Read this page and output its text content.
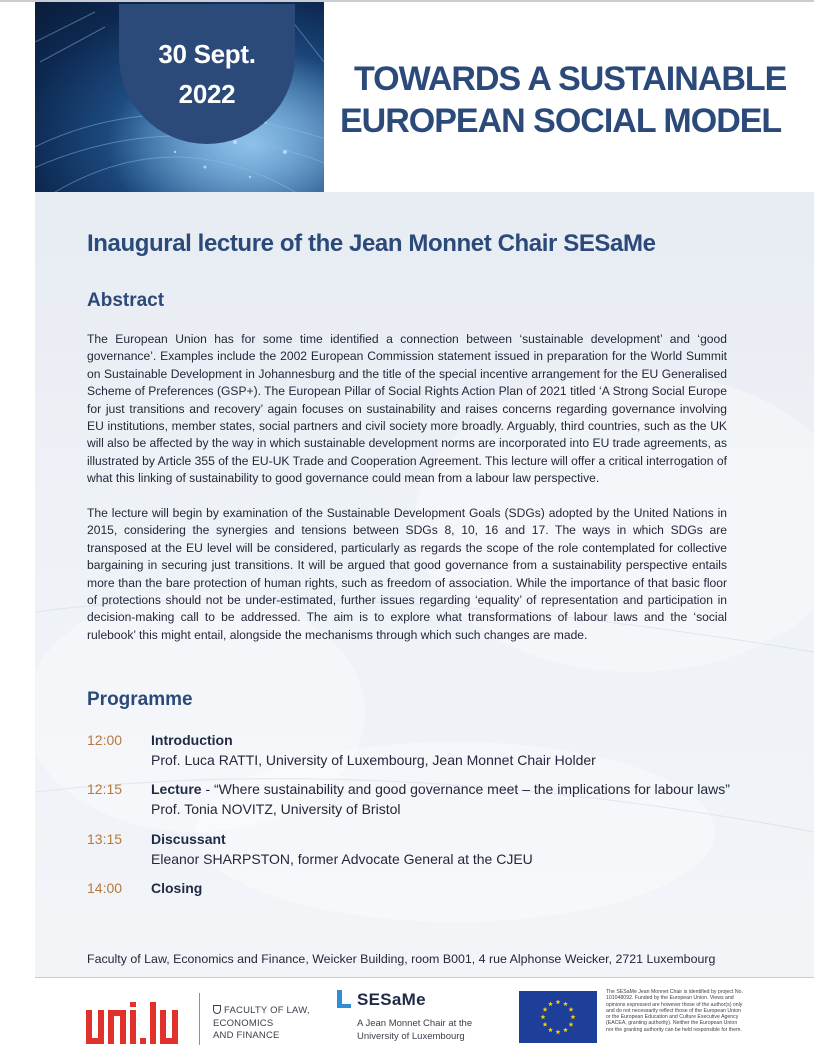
30 Sept.
2022	TOWARDS A SUSTAINABLE
EUROPEAN SOCIAL MODEL
Inaugural lecture of the Jean Monnet Chair SESaMe
Abstract

The European Union has for some time identified a connection between ‘sustainable development’ and ‘good governance’. Examples include the 2002 European Commission statement issued in preparation for the World Summit on Sustainable Development in Johannesburg and the title of the special incentive arrangement for the EU Generalised Scheme of Preferences (GSP+). The European Pillar of Social Rights Action Plan of 2021 titled ‘A Strong Social Europe for just transitions and recovery’ again focuses on sustainability and raises concerns regarding governance involving EU institutions, member states, social partners and civil society more broadly. Arguably, third countries, such as the UK will also be affected by the way in which sustainable development norms are incorporated into EU trade agreements, as illustrated by Article 355 of the EU-UK Trade and Cooperation Agreement. This lecture will offer a critical interrogation of what this linking of sustainability to good governance could mean from a labour law perspective.

The lecture will begin by examination of the Sustainable Development Goals (SDGs) adopted by the United Nations in 2015, considering the synergies and tensions between SDGs 8, 10, 16 and 17. The ways in which SDGs are transposed at the EU level will be considered, particularly as regards the scope of the role contemplated for collective bargaining in securing just transitions. It will be argued that good governance from a sustainability perspective entails more than the bare protection of human rights, such as freedom of association. While the importance of that basic floor of protections should not be under-estimated, further issues regarding ‘equality’ of representation and participation in decision-making call to be addressed. The aim is to explore what transformations of labour laws and the ‘social rulebook’ this might entail, alongside the mechanisms through which such changes are made.

Programme
12:00 Introduction
Prof. Luca RATTI, University of Luxembourg, Jean Monnet Chair Holder
12:15 Lecture - “Where sustainability and good governance meet – the implications for labour laws”
Prof. Tonia NOVITZ, University of Bristol
13:15 Discussant
Eleanor SHARPSTON, former Advocate General at the CJEU
14:00 Closing
Faculty of Law, Economics and Finance, Weicker Building, room B001, 4 rue Alphonse Weicker, 2721 Luxembourg
FACULTY OF LAW,
ECONOMICS
AND FINANCE
SESaMe
A Jean Monnet Chair at the
University of Luxembourg
The SESaMe Jean Monnet Chair is identified by project No. 101048092. Funded by the European Union. Views and opinions expressed are however those of the author(s) only and do not necessarily reflect those of the European Union or the European Education and Culture Executive Agency (EACEA, granting authority). Neither the European Union nor the granting authority can be held responsible for them.
